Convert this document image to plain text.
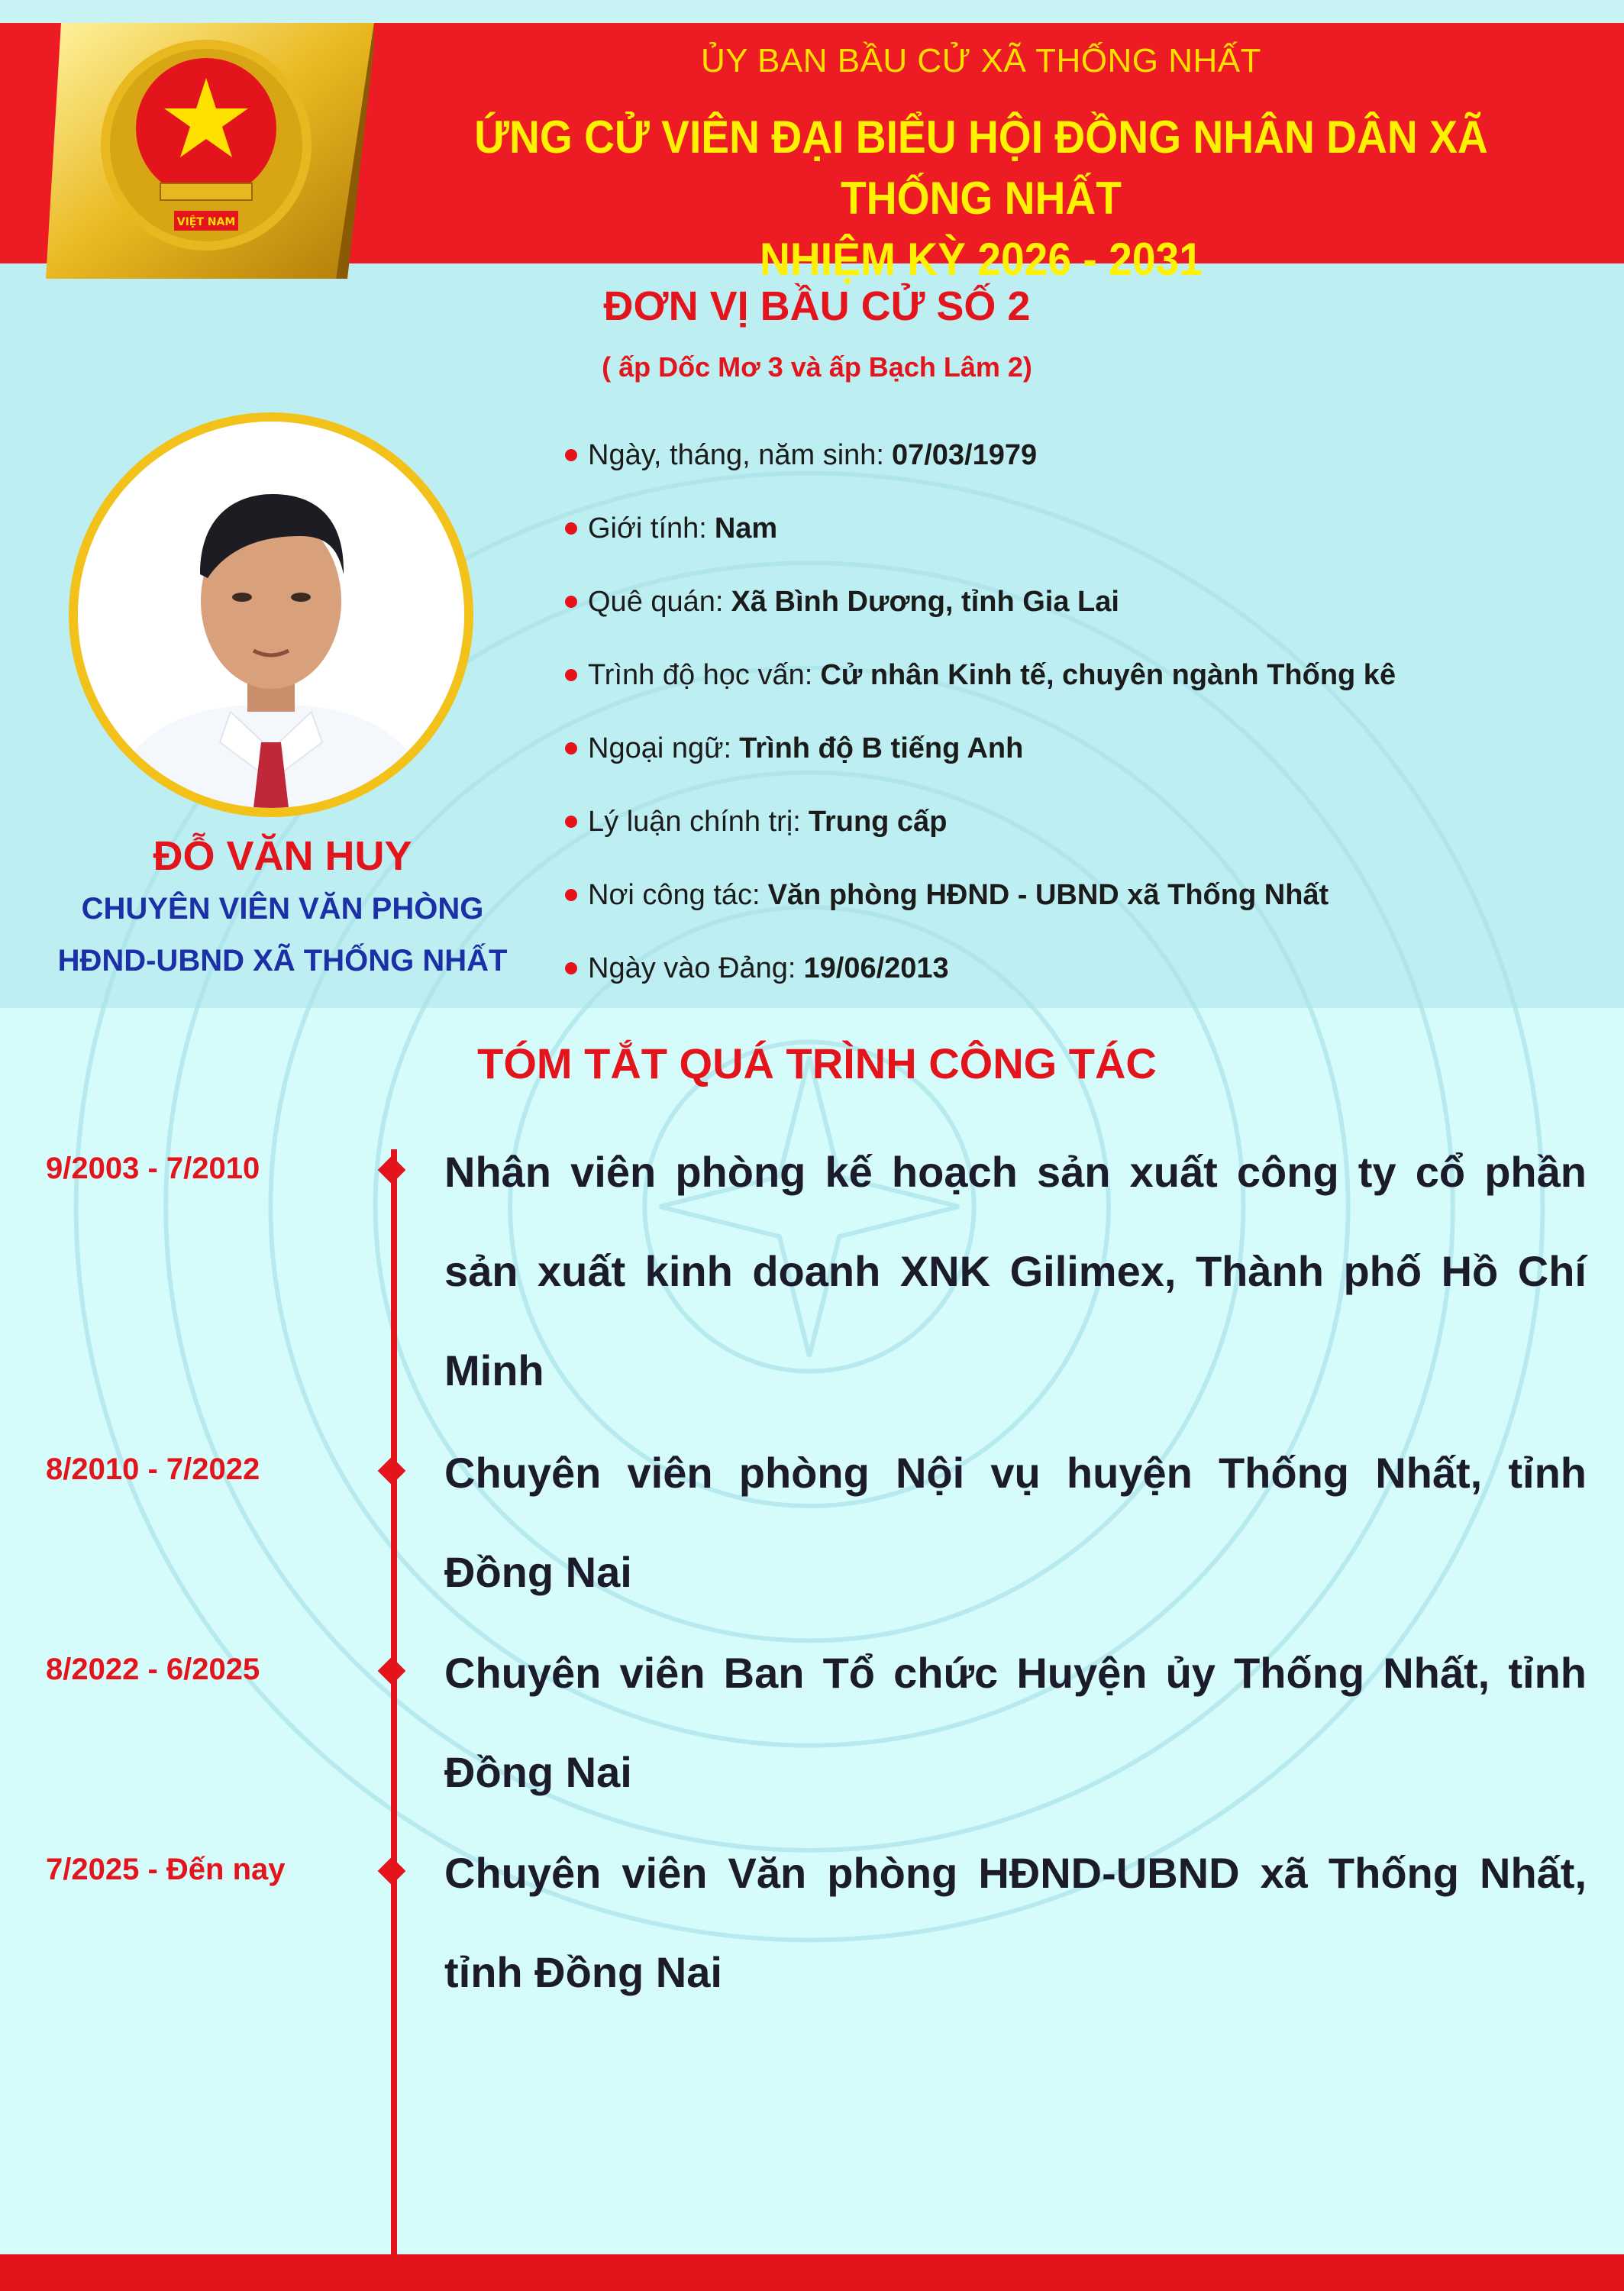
VIỆT NAM
ỦY BAN BẦU CỬ XÃ THỐNG NHẤT
ỨNG CỬ VIÊN ĐẠI BIỂU HỘI ĐỒNG NHÂN DÂN XÃ THỐNG NHẤT
NHIỆM KỲ 2026 - 2031
ĐƠN VỊ BẦU CỬ SỐ 2
( ấp Dốc Mơ 3 và ấp Bạch Lâm 2)
ĐỖ VĂN HUY
CHUYÊN VIÊN VĂN PHÒNG
HĐND-UBND XÃ THỐNG NHẤT
Ngày, tháng, năm sinh: 07/03/1979
Giới tính: Nam
Quê quán: Xã Bình Dương, tỉnh Gia Lai
Trình độ học vấn: Cử nhân Kinh tế, chuyên ngành Thống kê
Ngoại ngữ: Trình độ B tiếng Anh
Lý luận chính trị: Trung cấp
Nơi công tác: Văn phòng HĐND - UBND xã Thống Nhất
Ngày vào Đảng: 19/06/2013
TÓM TẮT QUÁ TRÌNH CÔNG TÁC
9/2003 - 7/2010	Nhân viên phòng kế hoạch sản xuất công ty cổ phần sản xuất kinh doanh XNK Gilimex, Thành phố Hồ Chí Minh
8/2010 - 7/2022	Chuyên viên phòng Nội vụ huyện Thống Nhất, tỉnh Đồng Nai
8/2022 - 6/2025	Chuyên viên Ban Tổ chức Huyện ủy Thống Nhất, tỉnh Đồng Nai
7/2025 - Đến nay	Chuyên viên Văn phòng HĐND-UBND xã Thống Nhất, tỉnh Đồng Nai
